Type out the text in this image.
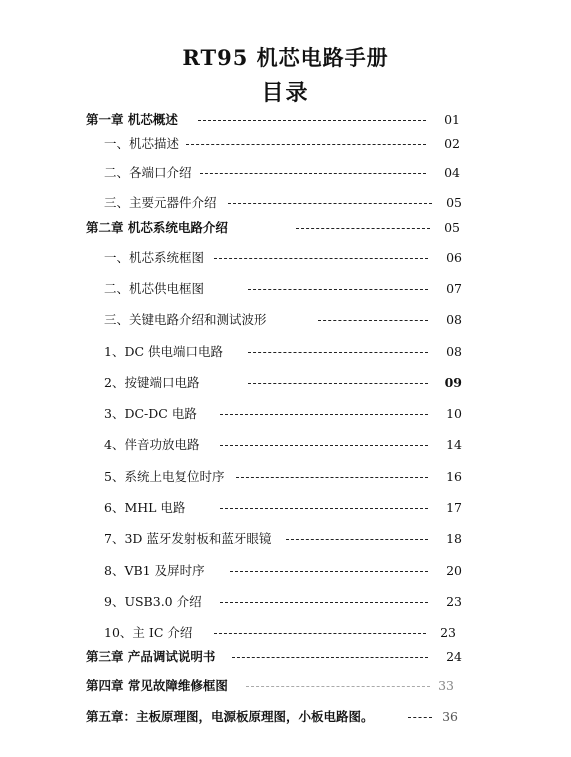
RT95 机芯电路手册
目录
第一章 机芯概述	01
一、机芯描述	02
二、各端口介绍	04
三、主要元器件介绍	05
第二章 机芯系统电路介绍	05
一、机芯系统框图	06
二、机芯供电框图	07
三、关键电路介绍和测试波形	08
1、DC 供电端口电路	08
2、按键端口电路	09
3、DC-DC 电路	10
4、伴音功放电路	14
5、系统上电复位时序	16
6、MHL 电路	17
7、3D 蓝牙发射板和蓝牙眼镜	18
8、VB1 及屏时序	20
9、USB3.0 介绍	23
10、主 IC 介绍	23
第三章 产品调试说明书	24
第四章 常见故障维修框图	33
第五章：主板原理图，电源板原理图，小板电路图。	36
